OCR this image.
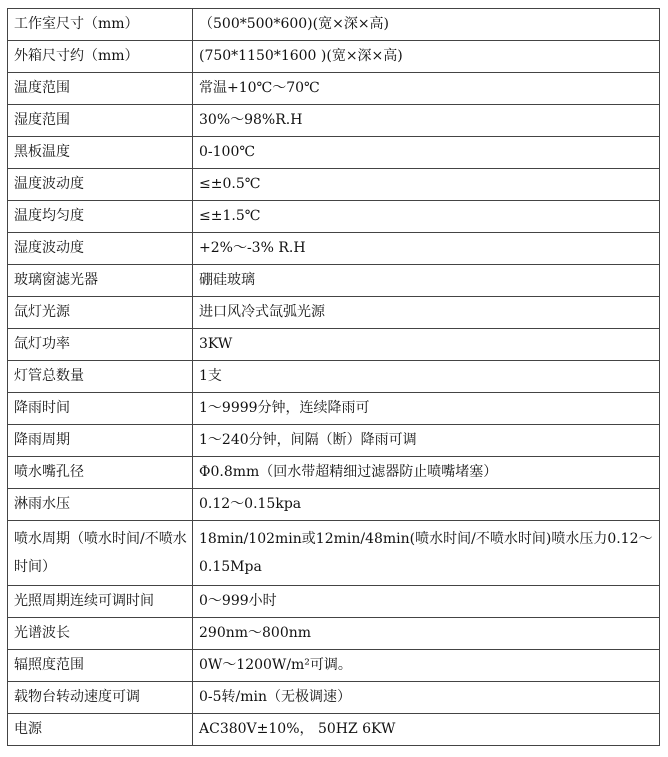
工作室尺寸（mm）	（500*500*600)(宽×深×高)
外箱尺寸约（mm）	(750*1150*1600 )(宽×深×高)
温度范围	常温+10℃～70℃
湿度范围	30%～98%R.H
黑板温度	0-100℃
温度波动度	≤±0.5℃
温度均匀度	≤±1.5℃
湿度波动度	+2%～-3% R.H
玻璃窗滤光器	硼硅玻璃
氙灯光源	进口风冷式氙弧光源
氙灯功率	3KW
灯管总数量	1支
降雨时间	1～9999分钟，连续降雨可
降雨周期	1～240分钟，间隔（断）降雨可调
喷水嘴孔径	Φ0.8mm（回水带超精细过滤器防止喷嘴堵塞）
淋雨水压	0.12～0.15kpa
喷水周期（喷水时间/不喷水时间）	18min/102min或12min/48min(喷水时间/不喷水时间)喷水压力0.12～0.15Mpa
光照周期连续可调时间	0～999小时
光谱波长	290nm～800nm
辐照度范围	0W～1200W/m²可调。
载物台转动速度可调	0-5转/min（无极调速）
电源	AC380V±10%， 50HZ 6KW
